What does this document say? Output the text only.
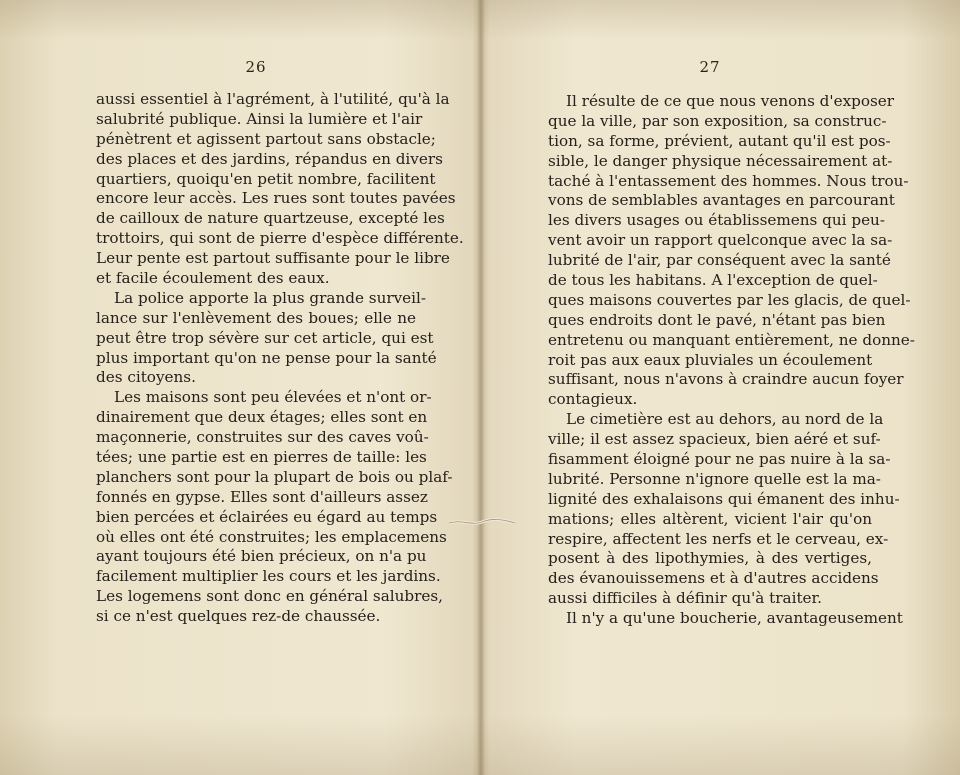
26
aussi essentiel à l'agrément, à l'utilité, qu'à la
salubrité publique. Ainsi la lumière et l'air
pénètrent et agissent partout sans obstacle;
des places et des jardins, répandus en divers
quartiers, quoiqu'en petit nombre, facilitent
encore leur accès. Les rues sont toutes pavées
de cailloux de nature quartzeuse, excepté les
trottoirs, qui sont de pierre d'espèce différente.
Leur pente est partout suffisante pour le libre
et facile écoulement des eaux.
La police apporte la plus grande surveil-
lance sur l'enlèvement des boues; elle ne
peut être trop sévère sur cet article, qui est
plus important qu'on ne pense pour la santé
des citoyens.
Les maisons sont peu élevées et n'ont or-
dinairement que deux étages; elles sont en
maçonnerie, construites sur des caves voû-
tées; une partie est en pierres de taille: les
planchers sont pour la plupart de bois ou plaf-
fonnés en gypse. Elles sont d'ailleurs assez
bien percées et éclairées eu égard au temps
où elles ont été construites; les emplacemens
ayant toujours été bien précieux, on n'a pu
facilement multiplier les cours et les jardins.
Les logemens sont donc en général salubres,
si ce n'est quelques rez-de chaussée.
27
Il résulte de ce que nous venons d'exposer
que la ville, par son exposition, sa construc-
tion, sa forme, prévient, autant qu'il est pos-
sible, le danger physique nécessairement at-
taché à l'entassement des hommes. Nous trou-
vons de semblables avantages en parcourant
les divers usages ou établissemens qui peu-
vent avoir un rapport quelconque avec la sa-
lubrité de l'air, par conséquent avec la santé
de tous les habitans. A l'exception de quel-
ques maisons couvertes par les glacis, de quel-
ques endroits dont le pavé, n'étant pas bien
entretenu ou manquant entièrement, ne donne-
roit pas aux eaux pluviales un écoulement
suffisant, nous n'avons à craindre aucun foyer
contagieux.
Le cimetière est au dehors, au nord de la
ville; il est assez spacieux, bien aéré et suf-
fisamment éloigné pour ne pas nuire à la sa-
lubrité. Personne n'ignore quelle est la ma-
lignité des exhalaisons qui émanent des inhu-
mations; elles altèrent, vicient l'air qu'on
respire, affectent les nerfs et le cerveau, ex-
posent à des lipothymies, à des vertiges,
des évanouissemens et à d'autres accidens
aussi difficiles à définir qu'à traiter.
Il n'y a qu'une boucherie, avantageusement
